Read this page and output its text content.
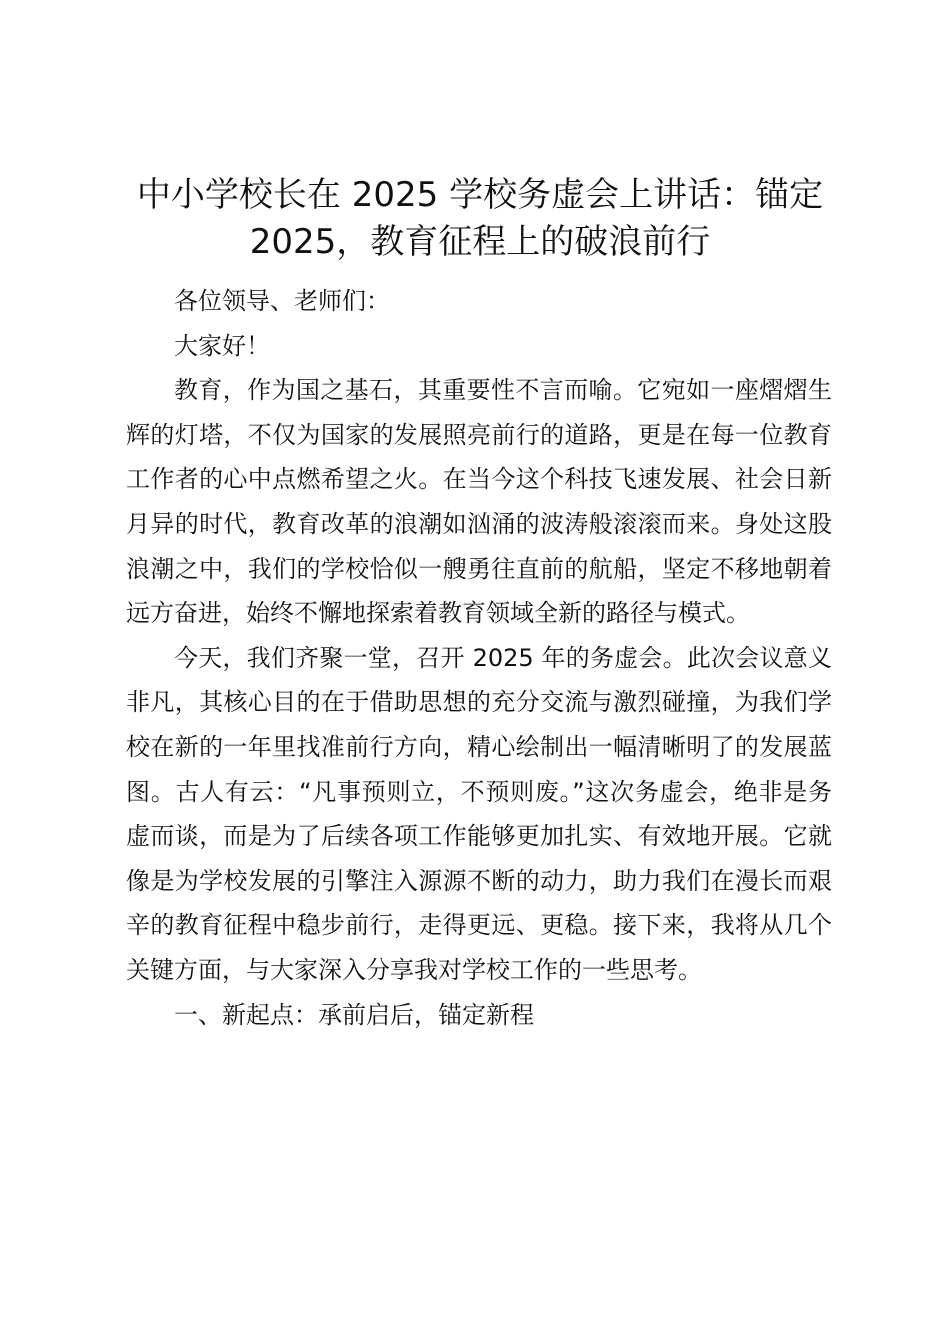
中小学校长在 2025 学校务虚会上讲话：锚定 2025，教育征程上的破浪前行

各位领导、老师们：

大家好！

教育，作为国之基石，其重要性不言而喻。它宛如一座熠熠生辉的灯塔，不仅为国家的发展照亮前行的道路，更是在每一位教育工作者的心中点燃希望之火。在当今这个科技飞速发展、社会日新月异的时代，教育改革的浪潮如汹涌的波涛般滚滚而来。身处这股浪潮之中，我们的学校恰似一艘勇往直前的航船，坚定不移地朝着远方奋进，始终不懈地探索着教育领域全新的路径与模式。

今天，我们齐聚一堂，召开 2025 年的务虚会。此次会议意义非凡，其核心目的在于借助思想的充分交流与激烈碰撞，为我们学校在新的一年里找准前行方向，精心绘制出一幅清晰明了的发展蓝图。古人有云：“凡事预则立，不预则废。”这次务虚会，绝非是务虚而谈，而是为了后续各项工作能够更加扎实、有效地开展。它就像是为学校发展的引擎注入源源不断的动力，助力我们在漫长而艰辛的教育征程中稳步前行，走得更远、更稳。接下来，我将从几个关键方面，与大家深入分享我对学校工作的一些思考。

一、新起点：承前启后，锚定新程
